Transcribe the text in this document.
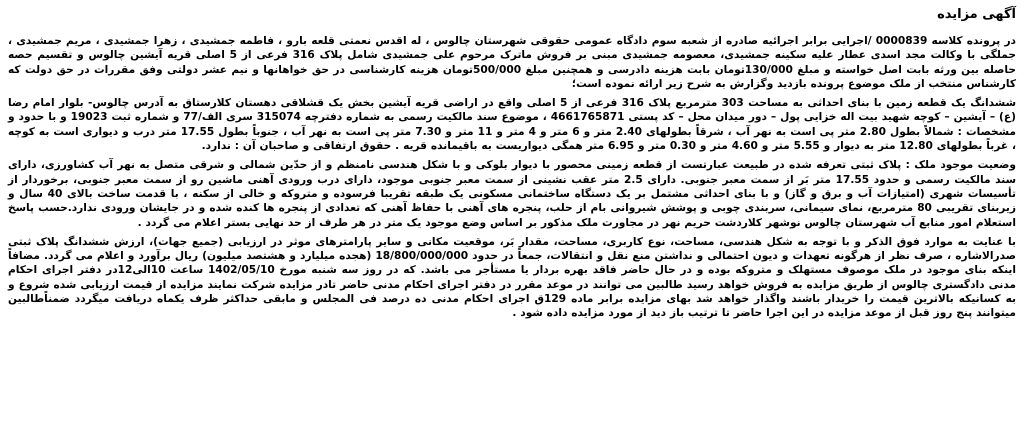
آگهی مزایده

در پرونده کلاسه 0000839 /اجرایی برابر اجرائیه صادره از شعبه سوم دادگاه عمومی حقوقی شهرستان چالوس ، له اقدس نعمتی قلعه بارو ، فاطمه جمشیدی ، زهرا جمشیدی ، مریم جمشیدی ، جملگی با وکالت مجد اسدی عطار علیه سکینه جمشیدی، معصومه جمشیدی مبنی بر فروش ماترک مرحوم علی جمشیدی شامل پلاک 316 فرعی از 5 اصلی قریه آیشین چالوس و تقسیم حصه حاصله بین ورثه بابت اصل خواسته و مبلغ 130/000تومان بابت هزینه دادرسی و همچنین مبلغ 500/000تومان هزینه کارشناسی در حق خواهانها و نیم عشر دولتی وفق مقررات در حق دولت که کارشناس منتخب از ملک موضوع پرونده بازدید وگزارش به شرح زیر ارائه نموده است؛

ششدانگ یک قطعه زمین با بنای احداثی به مساحت 303 مترمربع پلاک 316 فرعی از 5 اصلی واقع در اراضی قریه آیشین بخش یک قشلاقی دهستان کلارستاق به آدرس چالوس- بلوار امام رضا (ع) – آیشین – کوچه شهید بیت اله خزایی پول – دور میدان محل – کد پستی 4661765871 ، موضوع سند مالکیت رسمی به شماره دفترچه 315074 سری الف/77 و شماره ثبت 19023 و با حدود و مشخصات : شمالاً بطول 2.80 متر پی است به نهر آب ، شرقاً بطولهای 2.40 متر و 6 متر و 4 متر و 11 متر و 7.30 متر پی است به نهر آب ، جنوباً بطول 17.55 متر درب و دیواری است به کوچه ، غرباً بطولهای 12.80 متر به دیوار و 5.55 متر و 4.60 متر و 0.30 متر و 6.95 متر همگی دیواریست به باقیمانده قریه . حقوق ارتفاقی و صاحبان آن : ندارد.

وضعیت موجود ملک : پلاک ثبتی تعرفه شده در طبیعت عبارتست از قطعه زمینی محصور با دیوار بلوکی و با شکل هندسی نامنظم و از حدّین شمالی و شرقی متصل به نهر آب کشاورزی، دارای سند مالکیت رسمی و حدود 17.55 متر بَر از سمت معبر جنوبی. دارای 2.5 متر عقب نشینی از سمت معبر جنوبی موجود، دارای درب ورودی آهنی ماشین رو از سمت معبر جنوبی، برخوردار از تأسیسات شهری (امتیازات آب و برق و گاز) و با بنای احداثی مشتمل بر یک دستگاه ساختمانی مسکونی یک طبقه تقریبا فرسوده و متروکه و خالی از سکنه ، با قدمت ساخت بالای 40 سال و زیربنای تقریبی 80 مترمربع، نمای سیمانی، سربندی چوبی و پوشش شیروانی بام از حلب، پنجره های آهنی با حفاظ آهنی که تعدادی از پنجره ها کنده شده و در جایشان ورودی ندارد.حسب پاسخ استعلام امور منابع آب شهرستان چالوس نوشهر کلاردشت حریم نهر در مجاورت ملک مذکور بر اساس وضع موجود یک متر در هر طرف از حد نهایی بستر اعلام می گردد .

با عنایت به موارد فوق الذکر و با توجه به شکل هندسی، مساحت، نوع کاربری، مساحت، مقدار بَر، موقعیت مکانی و سایر پارامترهای موثر در ارزیابی (جمیع جهات)، ارزش ششدانگ پلاک ثبتی صدرالاشاره ، صرف نظر از هرگونه تعهدات و دیون احتمالی و نداشتن منع نقل و انتقالات، جمعاً در حدود 18/800/000/000 (هجده میلیارد و هشتصد میلیون) ریال برآورد و اعلام می گردد. مضافاً اینکه بنای موجود در ملک موصوف مستهلک و متروکه بوده و در حال حاضر فاقد بهره بردار یا مستأجر می باشد. که در روز سه شنبه مورخ 1402/05/10 ساعت 10الی12در دفتر اجرای احکام مدنی دادگستری چالوس از طریق مزایده به فروش خواهد رسید طالبین می توانند در موعد مقرر در دفتر اجرای احکام مدنی حاضر تادر مزایده شرکت نمایند مزایده از قیمت ارزیابی شده شروع و به کسانیکه بالاترین قیمت را خریدار باشند واگذار خواهد شد بهای مزایده برابر ماده 129ق اجرای احکام مدنی ده درصد فی المجلس و مابقی حداکثر ظرف یکماه دریافت میگردد ضمناًطالبین میتوانند پنج روز قبل از موعد مزایده در این اجرا حاضر تا ترتیب باز دید از مورد مزایده داده شود .
